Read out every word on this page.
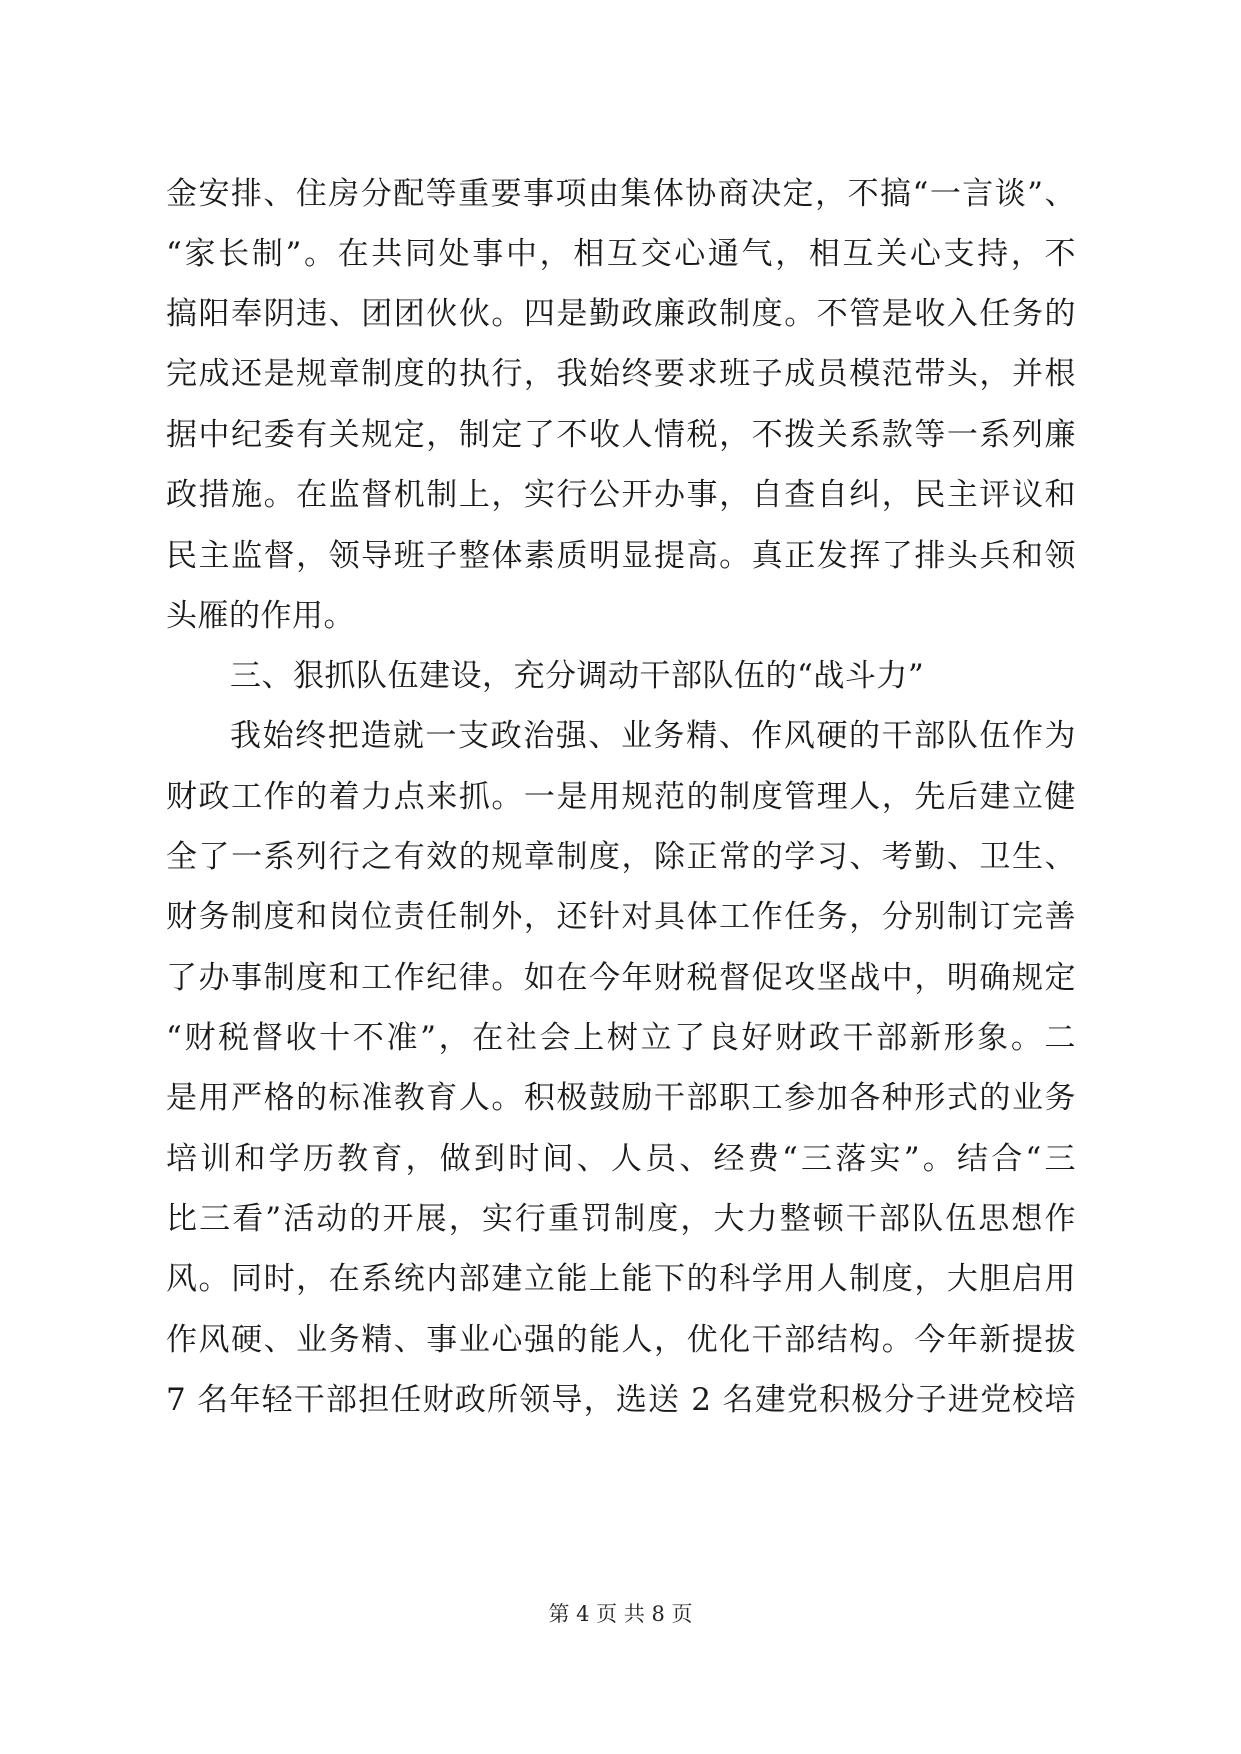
金安排、住房分配等重要事项由集体协商决定，不搞“一言谈”、
“家长制”。在共同处事中，相互交心通气，相互关心支持，不
搞阳奉阴违、团团伙伙。四是勤政廉政制度。不管是收入任务的
完成还是规章制度的执行，我始终要求班子成员模范带头，并根
据中纪委有关规定，制定了不收人情税，不拨关系款等一系列廉
政措施。在监督机制上，实行公开办事，自查自纠，民主评议和
民主监督，领导班子整体素质明显提高。真正发挥了排头兵和领
头雁的作用。
三、狠抓队伍建设，充分调动干部队伍的“战斗力”
我始终把造就一支政治强、业务精、作风硬的干部队伍作为
财政工作的着力点来抓。一是用规范的制度管理人，先后建立健
全了一系列行之有效的规章制度，除正常的学习、考勤、卫生、
财务制度和岗位责任制外，还针对具体工作任务，分别制订完善
了办事制度和工作纪律。如在今年财税督促攻坚战中，明确规定
“财税督收十不准”，在社会上树立了良好财政干部新形象。二
是用严格的标准教育人。积极鼓励干部职工参加各种形式的业务
培训和学历教育，做到时间、人员、经费“三落实”。结合“三
比三看”活动的开展，实行重罚制度，大力整顿干部队伍思想作
风。同时，在系统内部建立能上能下的科学用人制度，大胆启用
作风硬、业务精、事业心强的能人，优化干部结构。今年新提拔
7 名年轻干部担任财政所领导，选送 2 名建党积极分子进党校培
第 4 页 共 8 页
